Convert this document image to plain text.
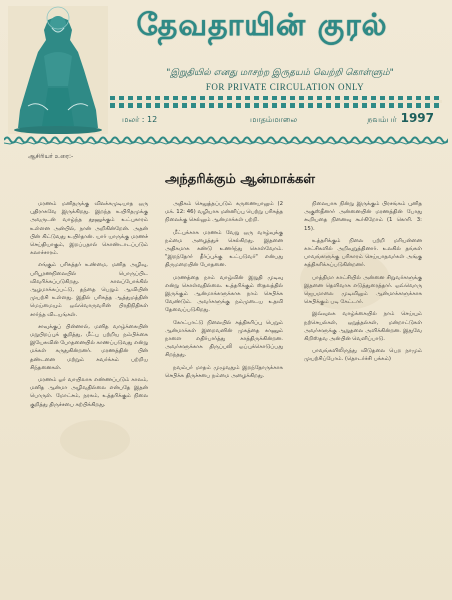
தேவதாயின் குரல்
"இறுதியில் எனது மாசற்ற இருதயம் வெற்றி கொள்ளும்"
FOR PRIVATE CIRCULATION ONLY
மலர் : 12	மாதம்மாலை	நவம்பர் 1997
ஆசிரியர் உரை:-
அந்தரிக்கும் ஆன்மாக்கள்

மரணம் மனிதருக்கு விலக்கமுடியாத ஒரு புதிராகவே இருக்கிறது. இறந்த உயிரிதமுக்கு அவருடன் வாழ்ந்த தூணுக்கும் உட்புகாரம் உள்ளன அன்பில், நான் அறிகின்றேன். அதன் பின் கிட்டுவது உயிர்தான். யார் யாருக்கு மரணச் செய்தியாகும், இறப்பதால் கொண்டாடப்படும் கலாச்சாரம்.

எங்கும் பரிசுத்தர் உண்மை, மனித அழிவு, பரிபூரணநிலையில் பொருப்பிட விவரிக்கப்படுகிறது. காலப்போக்கில் ஆழமாக்கப்பட்டு, தந்தை பெறும் ஆவியின் முயற்சி உள்ளது. இதில் பரிசுத்த ஆத்துமத்தின் மெய்மையும் ஒவ்வொருவரின் பிரதிநிதிகள் சார்ந்த விடயங்கள்.

சாவுக்குப் பின்னால், மனித வாழ்க்கையின் மறுபிறப்புக் குறித்து, மீட்பு பற்றிய நம்பிக்கை இயேசுவின் போதனையில் காணப்படுவது என்று மக்கள் கருதுகின்றனர். மரணத்தின் பின் தண்டனை மற்றும் சுவர்க்கம் பற்றிய சிந்தனைகள்.

மரணம் ஓர் வாயிலாக எண்ணப்படும் காலம், மனித ஆன்மா அழிவதில்லை என்பதே இதன் பொருள். மோட்சம், நரகம், உத்தரிக்கும் நிலை குறித்து திருச்சபை கற்பிக்கிறது.

அதிகம் செலுத்தப்படும் கருணையாலும் (2 மக். 12: 46) வழியாக மன்னிப்பு பெற்று பரிசுத்த நிலைக்கு செல்லும் ஆன்மாக்கள் பற்றி.

மீட்புக்காக மரணம் வேறு ஒரு வாழ்வுக்கு நம்மை அழைத்துச் செல்கிறது. இதனை அதிகமாக கண்டு உணர்ந்து கொள்வோம். "இறந்தோர் தீர்ப்புக்கு உட்படுவர்" என்பது திருமறையின் போதனை.

மரணத்தை நாம் வாழ்வின் இறுதி முடிவு என்று கொள்வதில்லை. உத்தரிக்கும் ஸ்தலத்தில் இருக்கும் ஆன்மாக்களுக்காக நாம் செபிக்க வேண்டும். அவர்களுக்கு நம்முடைய உதவி தேவைப்படுகிறது.

கோட்பாட்டு நிலையில் சுத்திகரிப்பு பெறும் ஆன்மாக்கள் இறைவனின் முகத்தை காணும் நாளை எதிர்பார்த்து காத்திருக்கின்றன. அவர்களுக்காக திருப்பலி ஒப்புக்கொடுப்பது சிறந்தது.

நவம்பர் மாதம் முழுவதும் இறந்தோருக்காக செபிக்க திருச்சபை நம்மை அழைக்கிறது.

நிலையாக நின்று இருக்கும் பிரசங்கம் புனித அகுஸ்தீனார் அன்னையின் மரணத்தின் போது கூறியதை நினைவு கூர்கிறோம் (1 கொரி. 3: 15).

உத்தரிக்கும் நிலை பற்றி மரியன்னை காட்சிகளில் அறிவுறுத்தினார். உலகில் தங்கள் பாவங்களுக்கு பரிகாரம் செய்யாதவர்கள் அங்கு சுத்திகரிக்கப்படுகின்றனர்.

பாத்திமா காட்சியில் அன்னை சிறுவர்களுக்கு இதனை தெளிவாக எடுத்துரைத்தார். ஒவ்வொரு ஜெபமாலை முடிவிலும் ஆன்மாக்களுக்காக செபிக்கும் படி கேட்டார்.

இவ்வுலக வாழ்க்கையில் நாம் செய்யும் நற்செயல்கள், ஒறுத்தல்கள், மன்றாட்டுகள் அவர்களுக்கு ஆறுதலை அளிக்கின்றன. இதுவே கிறிஸ்தவ அன்பின் வெளிப்பாடு.

பாவங்களிலிருந்து விடுதலை பெற நாமும் முயற்சிப்போம். (தொடர்ச்சி பக்கம்)
